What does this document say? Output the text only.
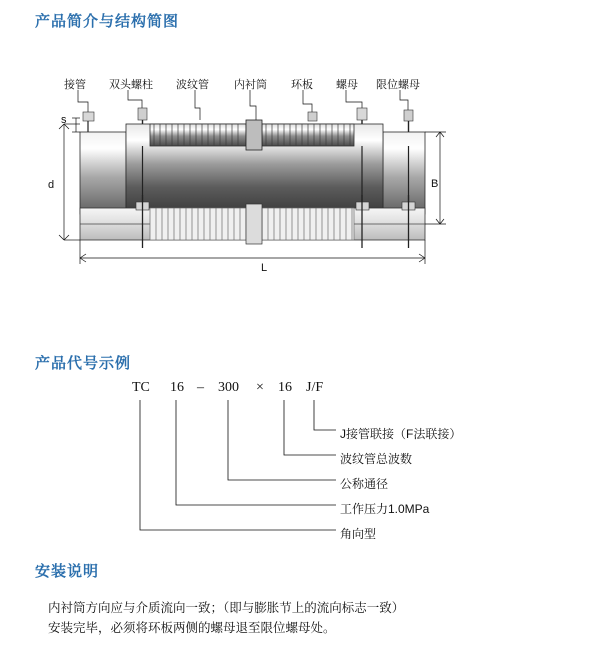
产品简介与结构简图
接管 双头螺柱 波纹管 内衬筒 环板 螺母 限位螺母
s
d	B
L
产品代号示例
TC 16 – 300 × 16 J/F
J接管联接（F法联接）
波纹管总波数
公称通径
工作压力1.0MPa
角向型
安装说明
内衬筒方向应与介质流向一致；（即与膨胀节上的流向标志一致）
安装完毕，必须将环板两侧的螺母退至限位螺母处。
